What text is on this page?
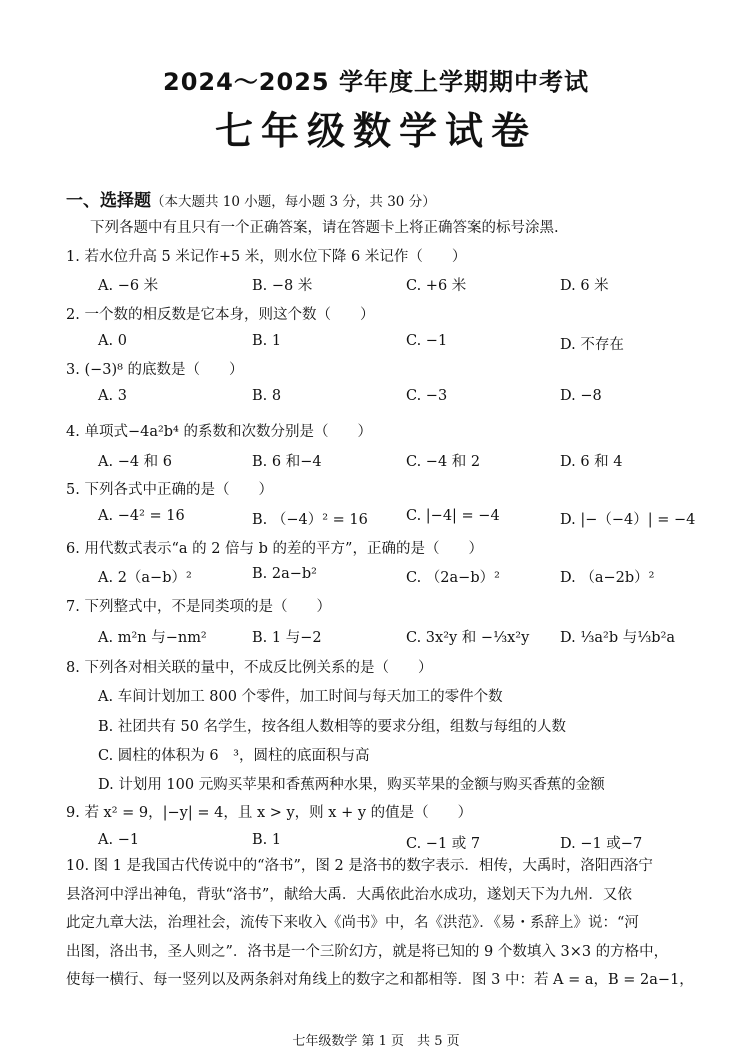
2024～2025 学年度上学期期中考试
七年级数学试卷
一、选择题（本大题共 10 小题，每小题 3 分，共 30 分）
下列各题中有且只有一个正确答案，请在答题卡上将正确答案的标号涂黑.
1. 若水位升高 5 米记作+5 米，则水位下降 6 米记作（　　）
A. −6 米	B. −8 米	C. +6 米	D. 6 米
2. 一个数的相反数是它本身，则这个数（　　）
A. 0	B. 1	C. −1	D. 不存在
3. (−3)⁸ 的底数是（　　）
A. 3	B. 8	C. −3	D. −8
4. 单项式−4a²b⁴ 的系数和次数分别是（　　）
A. −4 和 6	B. 6 和−4	C. −4 和 2	D. 6 和 4
5. 下列各式中正确的是（　　）
A. −4² = 16	B. （−4）² = 16	C. |−4| = −4	D. |−（−4）| = −4
6. 用代数式表示“a 的 2 倍与 b 的差的平方”，正确的是（　　）
A. 2（a−b）²	B. 2a−b²	C. （2a−b）²	D. （a−2b）²
7. 下列整式中，不是同类项的是（　　）
A. m²n 与−nm²	B. 1 与−2	C. 3x²y 和 −⅓x²y D. ⅓a²b 与⅓b²a
8. 下列各对相关联的量中，不成反比例关系的是（　　）
A. 车间计划加工 800 个零件，加工时间与每天加工的零件个数
B. 社团共有 50 名学生，按各组人数相等的要求分组，组数与每组的人数
C. 圆柱的体积为 6　³，圆柱的底面积与高
D. 计划用 100 元购买苹果和香蕉两种水果，购买苹果的金额与购买香蕉的金额
9. 若 x² = 9，|−y| = 4，且 x > y，则 x + y 的值是（　　）
A. −1	B. 1	C. −1 或 7	D. −1 或−7
10. 图 1 是我国古代传说中的“洛书”，图 2 是洛书的数字表示．相传，大禹时，洛阳西洛宁
县洛河中浮出神龟，背驮“洛书”，献给大禹．大禹依此治水成功，遂划天下为九州．又依
此定九章大法，治理社会，流传下来收入《尚书》中，名《洪范》．《易・系辞上》说：“河
出图，洛出书，圣人则之”．洛书是一个三阶幻方，就是将已知的 9 个数填入 3×3 的方格中，
使每一横行、每一竖列以及两条斜对角线上的数字之和都相等．图 3 中：若 A = a，B = 2a−1，
七年级数学 第 1 页　共 5 页
